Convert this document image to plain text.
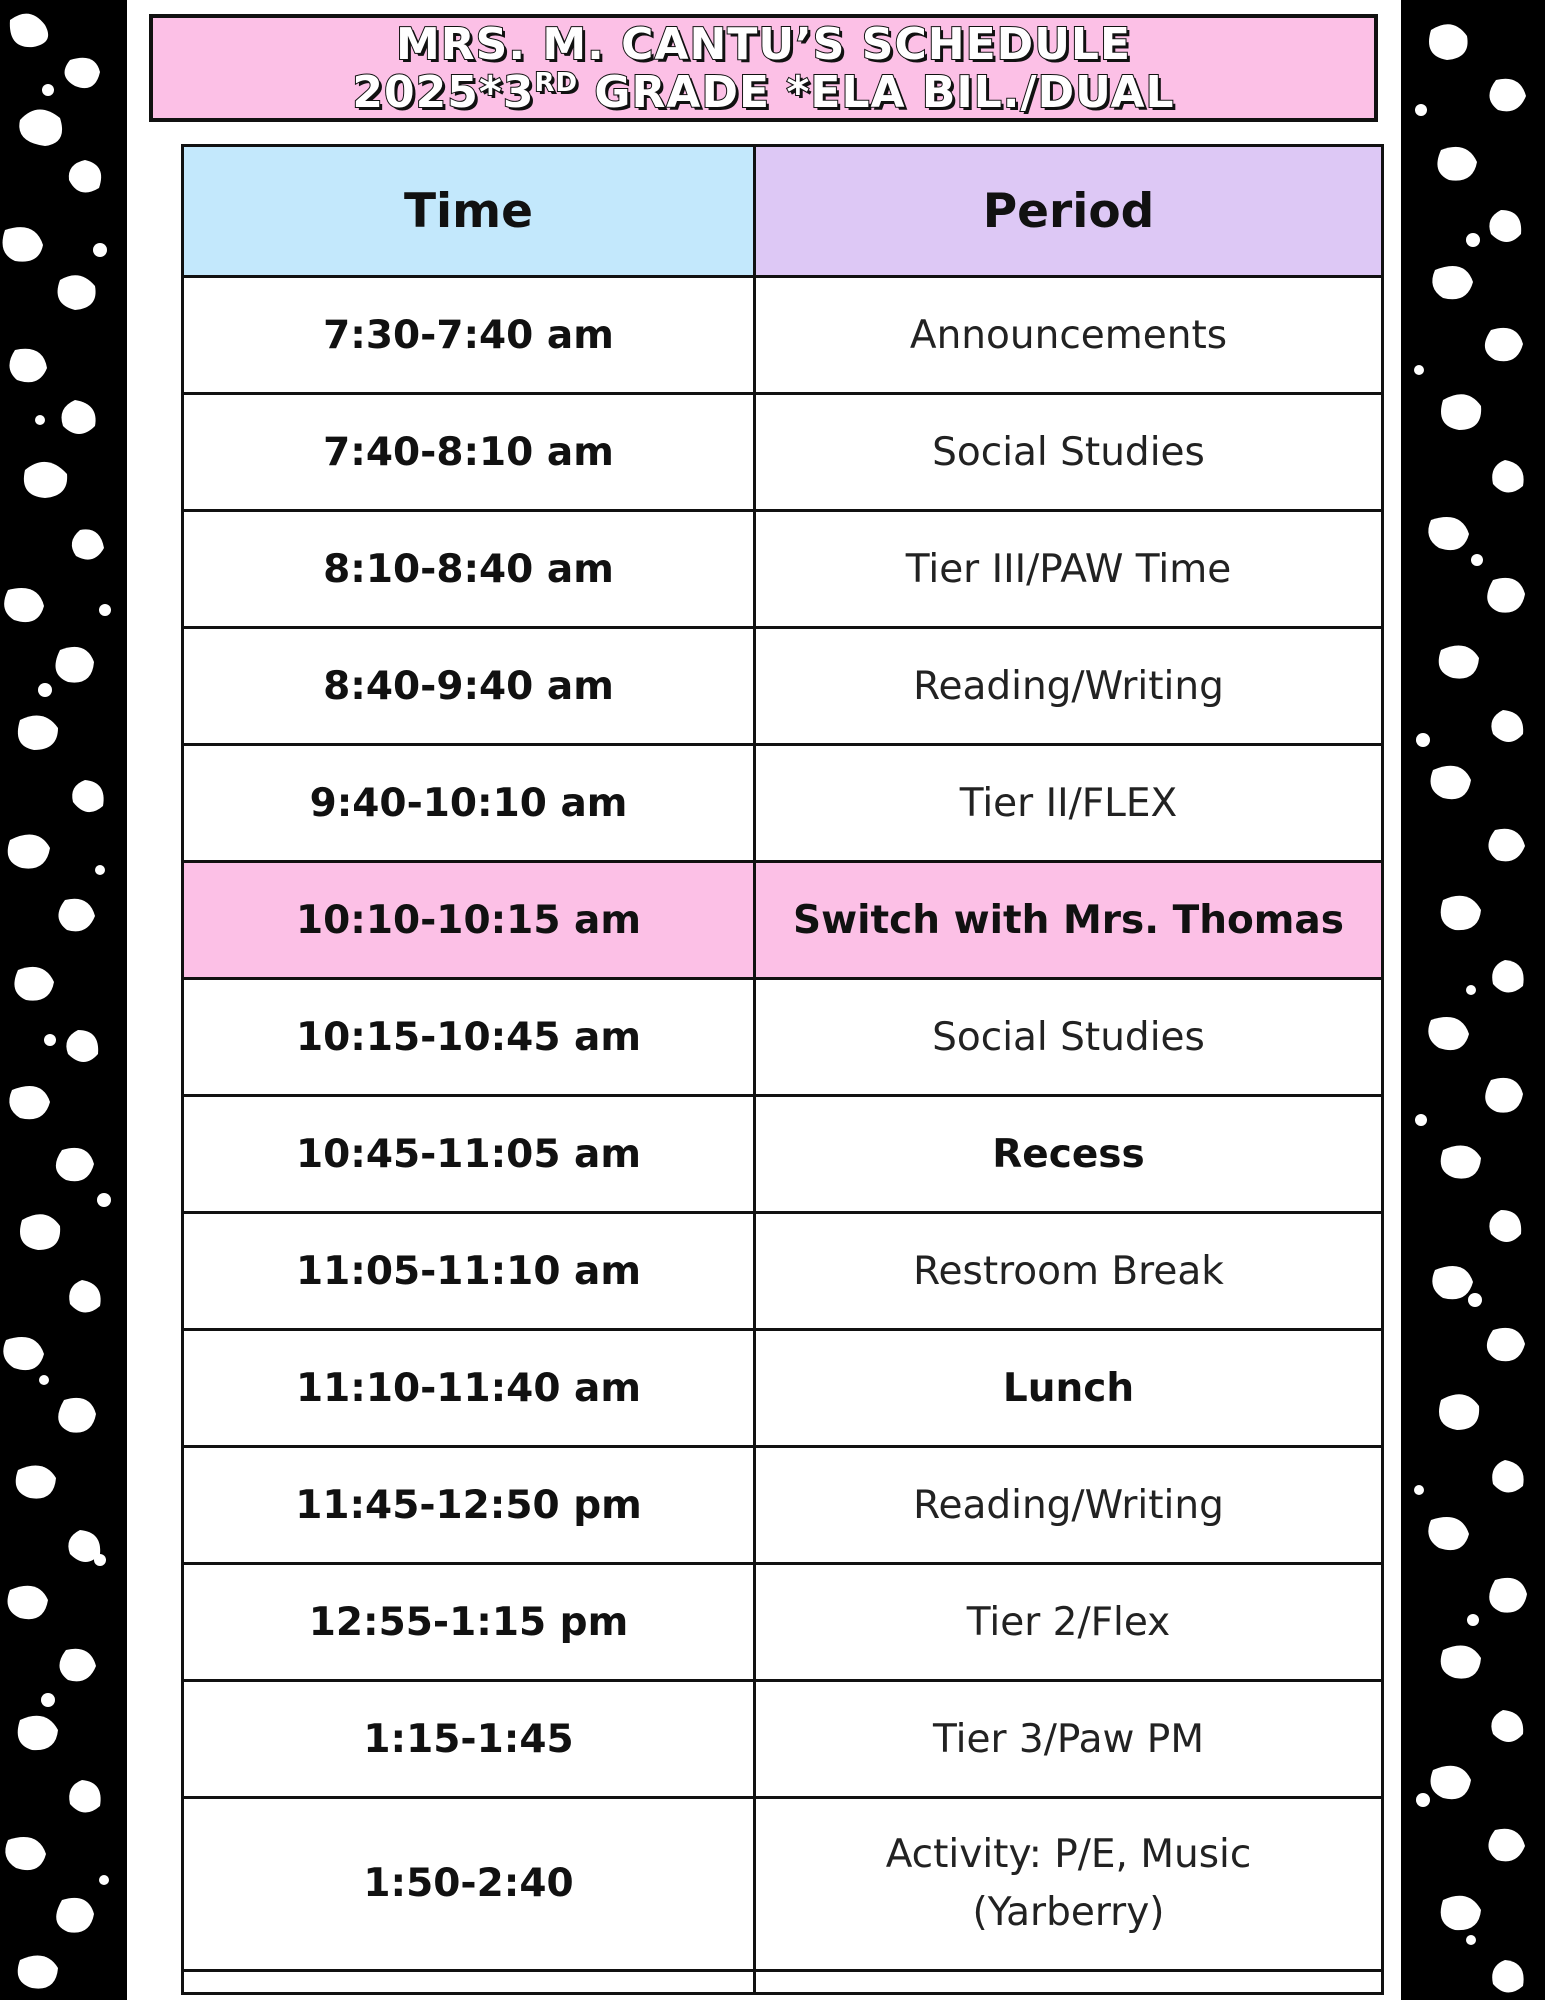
MRS. M. CANTU’S SCHEDULE
2025*3RD GRADE *ELA BIL./DUAL
Time	Period
7:30-7:40 am	Announcements
7:40-8:10 am	Social Studies
8:10-8:40 am	Tier III/PAW Time
8:40-9:40 am	Reading/Writing
9:40-10:10 am	Tier II/FLEX
10:10-10:15 am	Switch with Mrs. Thomas
10:15-10:45 am	Social Studies
10:45-11:05 am	Recess
11:05-11:10 am	Restroom Break
11:10-11:40 am	Lunch
11:45-12:50 pm	Reading/Writing
12:55-1:15 pm	Tier 2/Flex
1:15-1:45	Tier 3/Paw PM
1:50-2:40	Activity: P/E, Music
(Yarberry)
